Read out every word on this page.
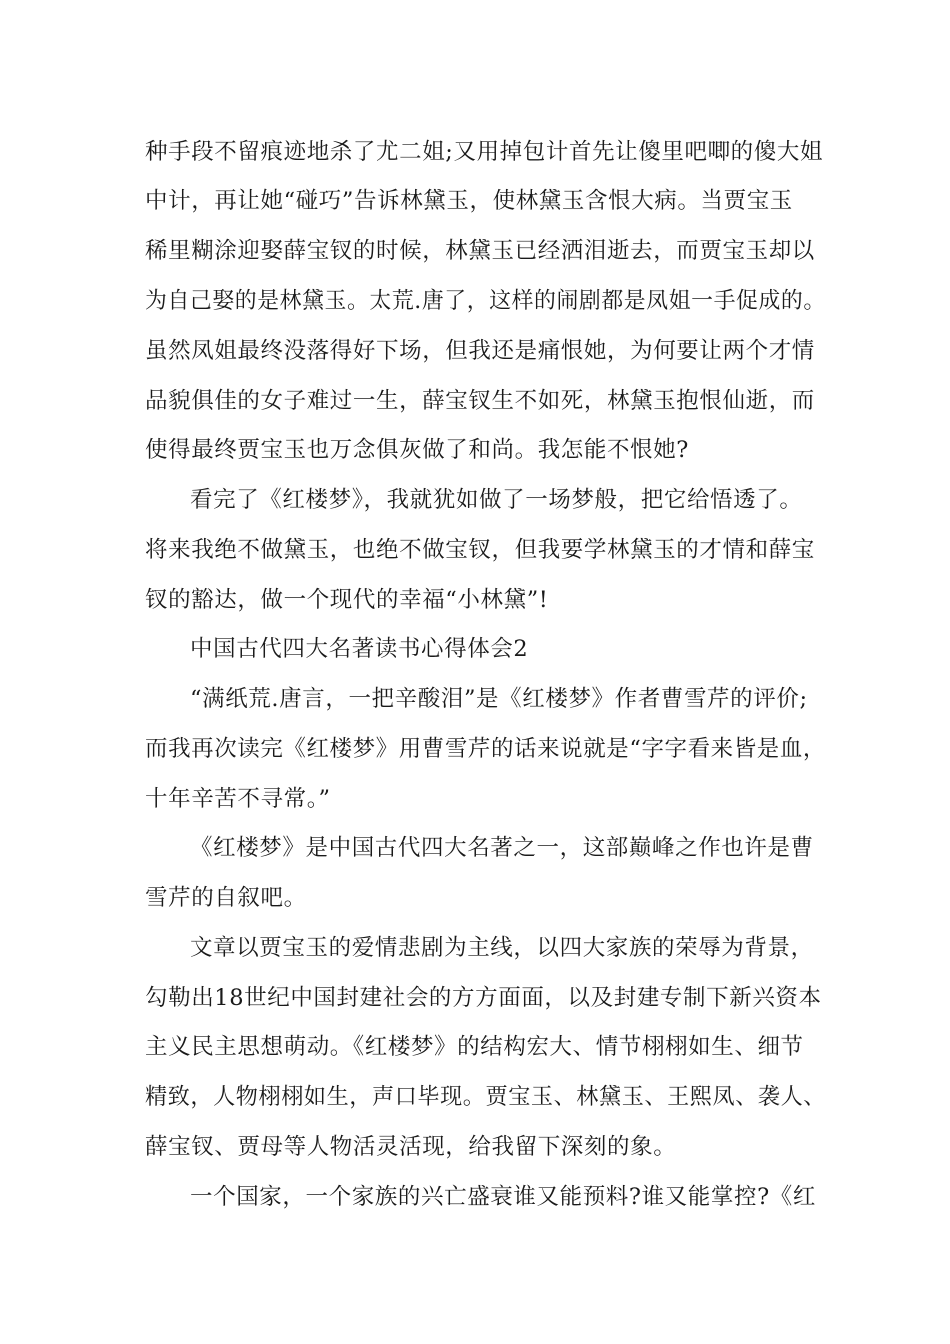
种手段不留痕迹地杀了尤二姐;又用掉包计首先让傻里吧唧的傻大姐
中计，再让她“碰巧”告诉林黛玉，使林黛玉含恨大病。当贾宝玉
稀里糊涂迎娶薛宝钗的时候，林黛玉已经洒泪逝去，而贾宝玉却以
为自己娶的是林黛玉。太荒.唐了，这样的闹剧都是凤姐一手促成的。
虽然凤姐最终没落得好下场，但我还是痛恨她，为何要让两个才情
品貌俱佳的女子难过一生，薛宝钗生不如死，林黛玉抱恨仙逝，而
使得最终贾宝玉也万念俱灰做了和尚。我怎能不恨她?
看完了《红楼梦》，我就犹如做了一场梦般，把它给悟透了。
将来我绝不做黛玉，也绝不做宝钗，但我要学林黛玉的才情和薛宝
钗的豁达，做一个现代的幸福“小林黛”!
中国古代四大名著读书心得体会2
“满纸荒.唐言，一把辛酸泪”是《红楼梦》作者曹雪芹的评价;
而我再次读完《红楼梦》用曹雪芹的话来说就是“字字看来皆是血，
十年辛苦不寻常。”
《红楼梦》是中国古代四大名著之一，这部巅峰之作也许是曹
雪芹的自叙吧。
文章以贾宝玉的爱情悲剧为主线，以四大家族的荣辱为背景，
勾勒出18世纪中国封建社会的方方面面，以及封建专制下新兴资本
主义民主思想萌动。《红楼梦》的结构宏大、情节栩栩如生、细节
精致，人物栩栩如生，声口毕现。贾宝玉、林黛玉、王熙凤、袭人、
薛宝钗、贾母等人物活灵活现，给我留下深刻的象。
一个国家，一个家族的兴亡盛衰谁又能预料?谁又能掌控?《红
